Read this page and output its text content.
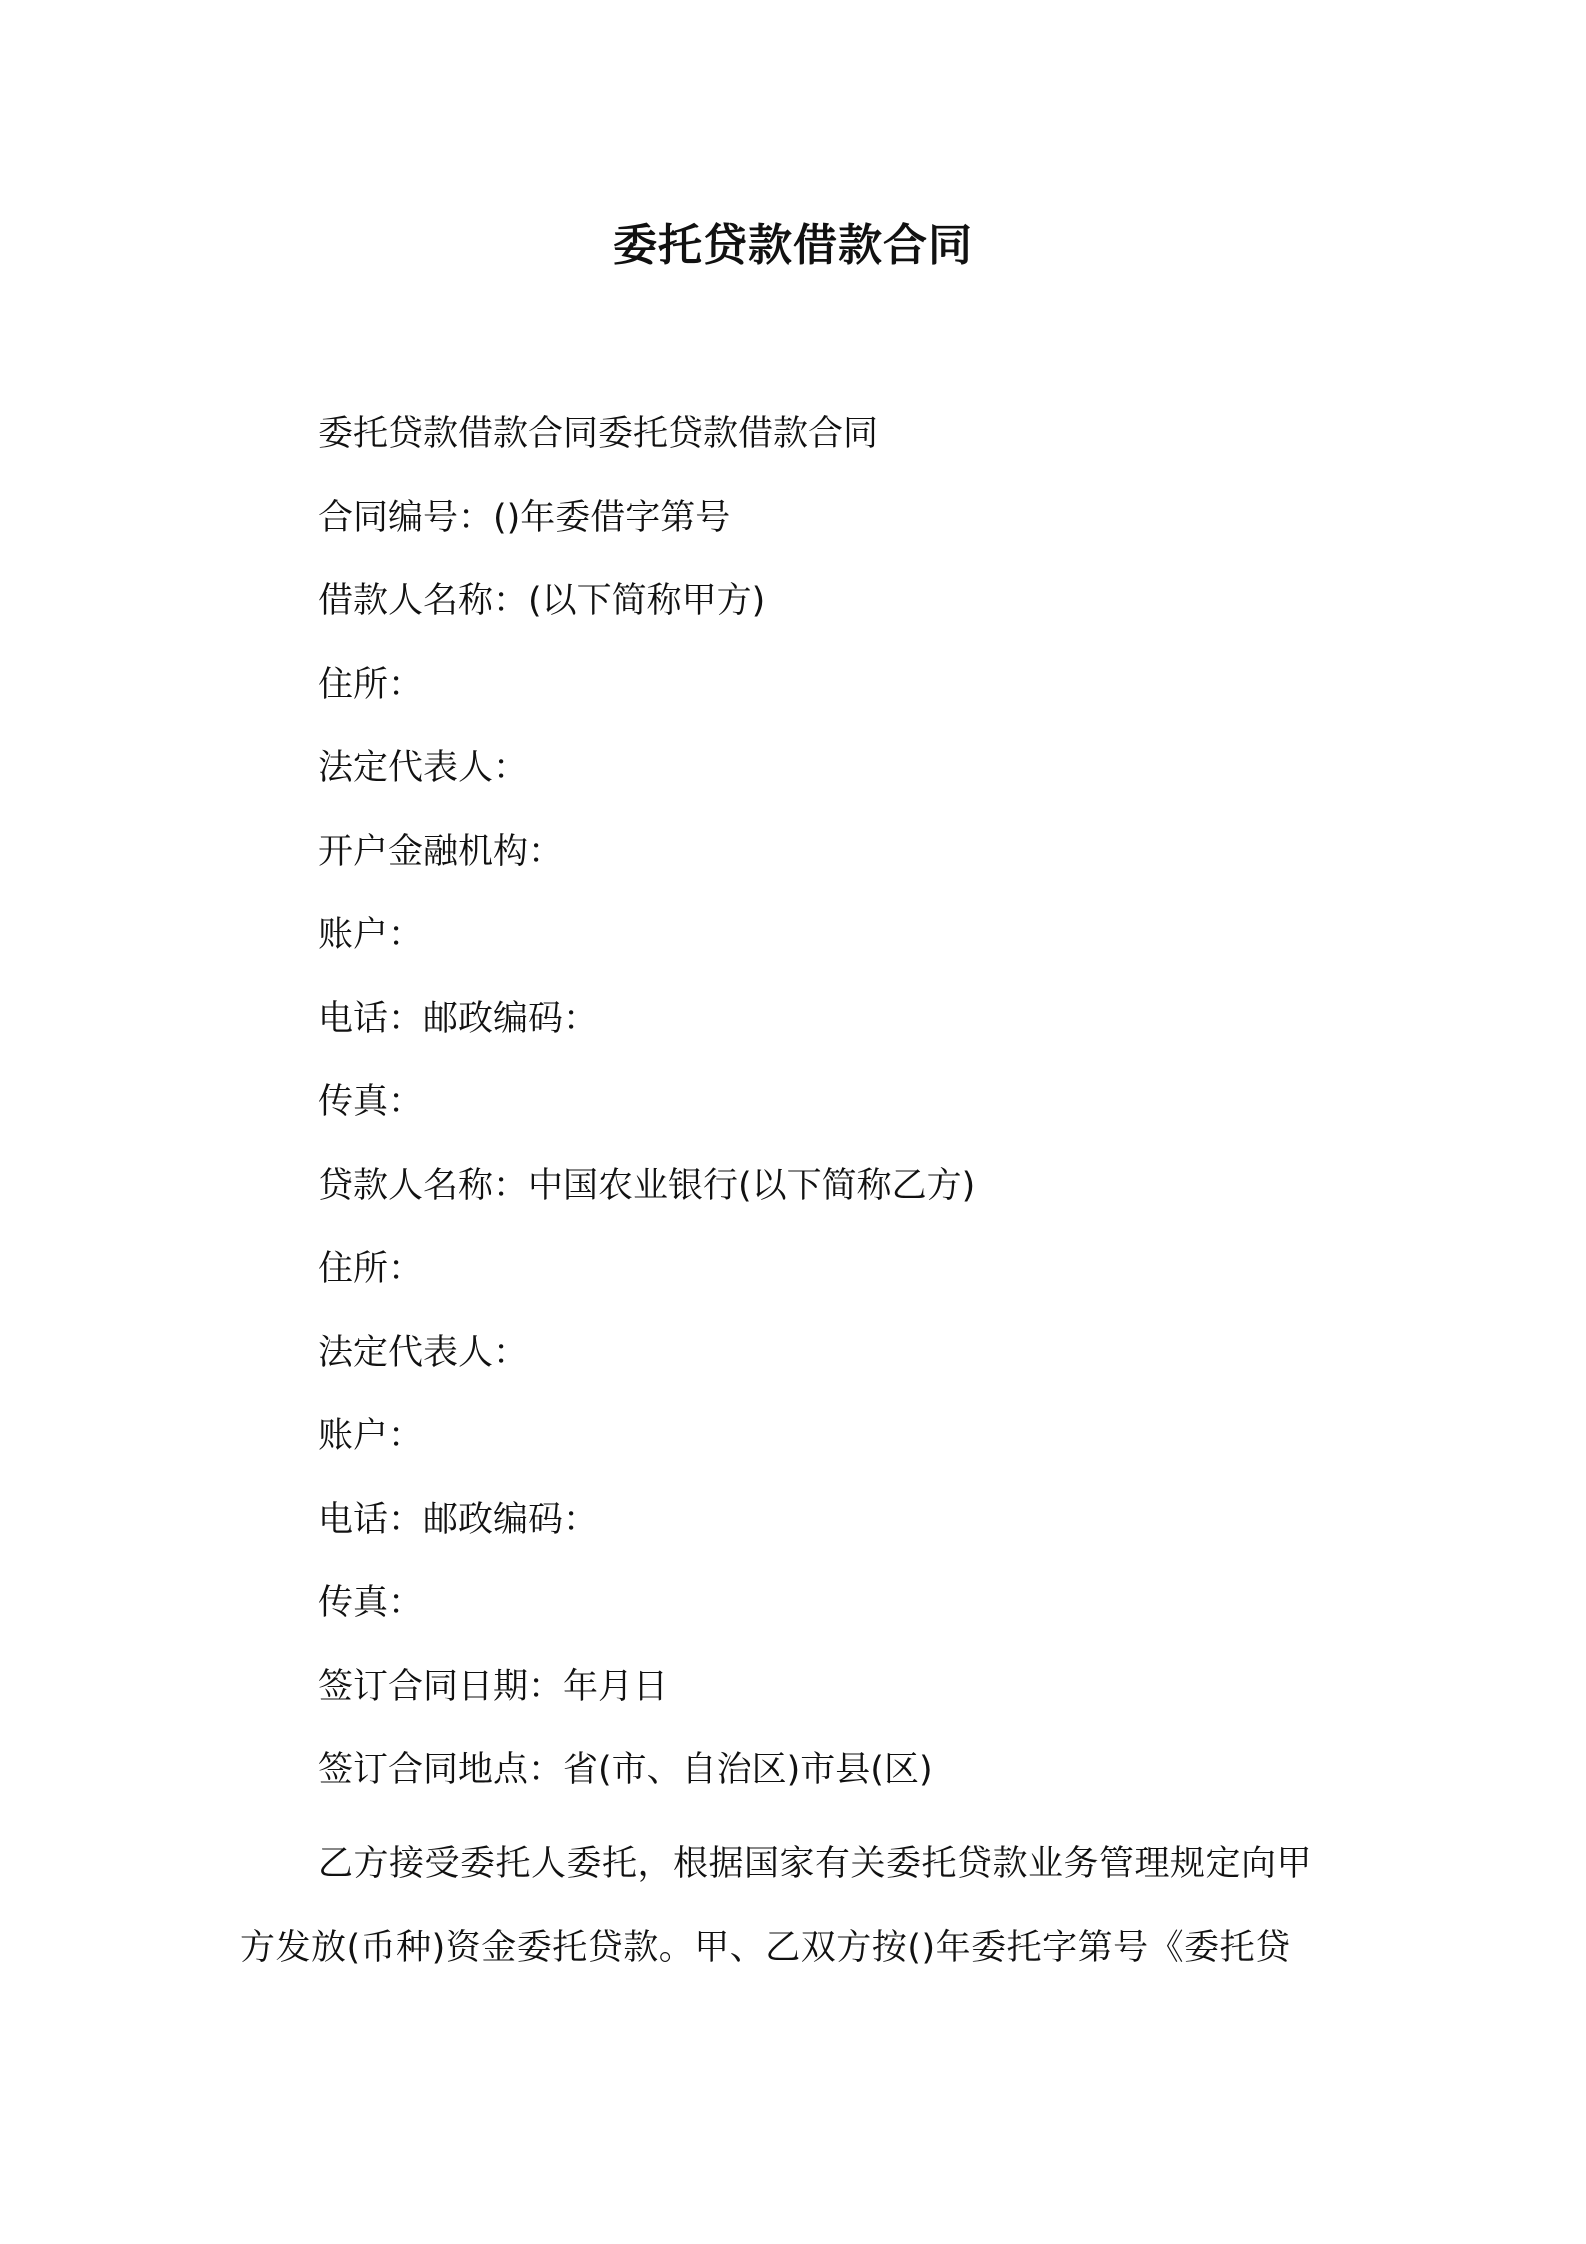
委托贷款借款合同
委托贷款借款合同委托贷款借款合同
合同编号：()年委借字第号
借款人名称：(以下简称甲方)
住所：
法定代表人：
开户金融机构：
账户：
电话：邮政编码：
传真：
贷款人名称：中国农业银行(以下简称乙方)
住所：
法定代表人：
账户：
电话：邮政编码：
传真：
签订合同日期：年月日
签订合同地点：省(市、自治区)市县(区)

乙方接受委托人委托，根据国家有关委托贷款业务管理规定向甲
方发放(币种)资金委托贷款。甲、乙双方按()年委托字第号《委托贷
